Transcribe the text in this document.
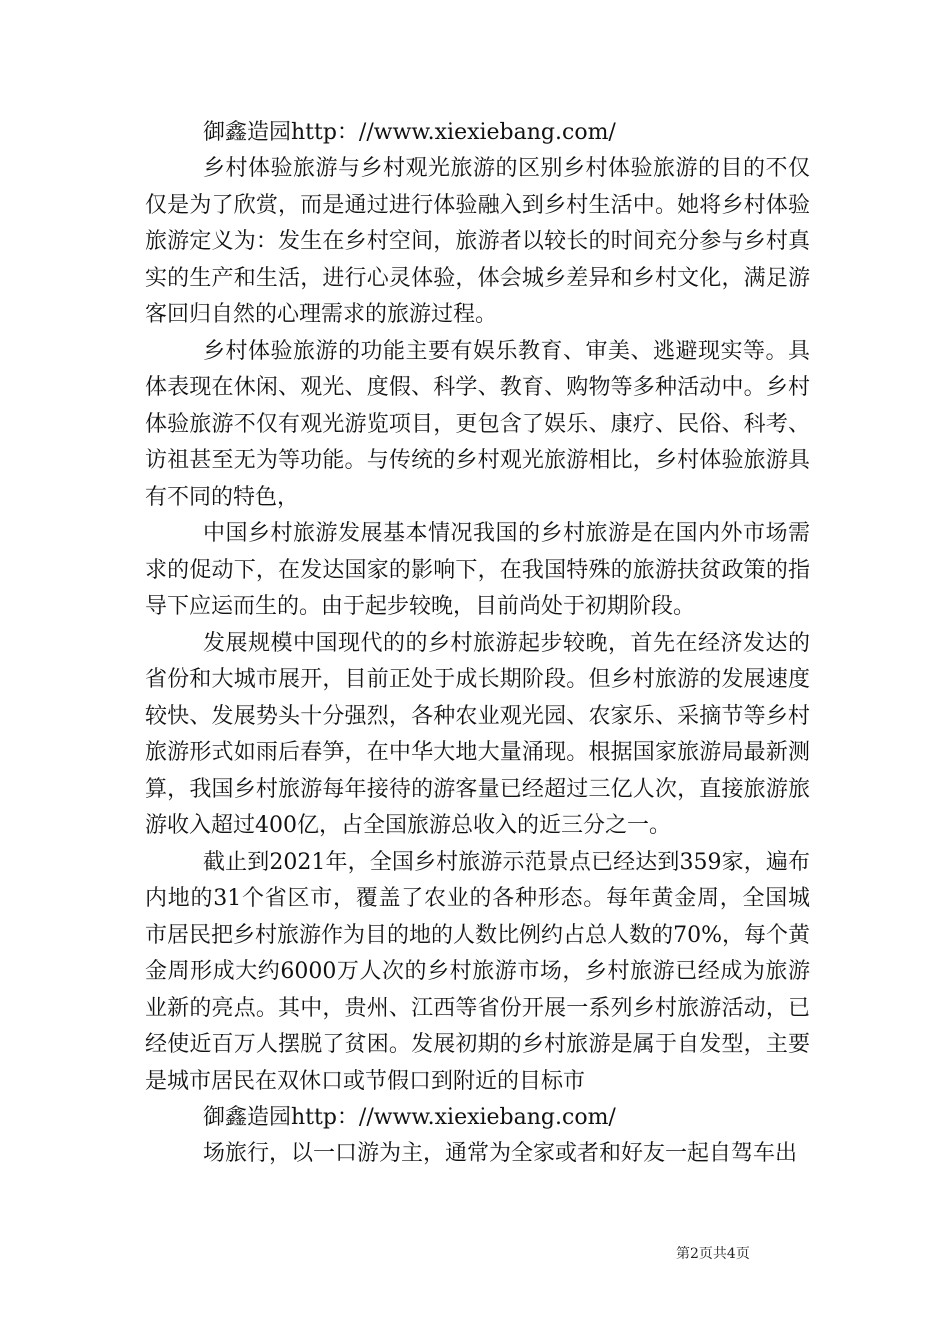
御鑫造园http：//www.xiexiebang.com/

乡村体验旅游与乡村观光旅游的区别乡村体验旅游的目的不仅仅是为了欣赏，而是通过进行体验融入到乡村生活中。她将乡村体验旅游定义为：发生在乡村空间，旅游者以较长的时间充分参与乡村真实的生产和生活，进行心灵体验，体会城乡差异和乡村文化，满足游客回归自然的心理需求的旅游过程。

乡村体验旅游的功能主要有娱乐教育、审美、逃避现实等。具体表现在休闲、观光、度假、科学、教育、购物等多种活动中。乡村体验旅游不仅有观光游览项目，更包含了娱乐、康疗、民俗、科考、访祖甚至无为等功能。与传统的乡村观光旅游相比，乡村体验旅游具有不同的特色，

中国乡村旅游发展基本情况我国的乡村旅游是在国内外市场需求的促动下，在发达国家的影响下，在我国特殊的旅游扶贫政策的指导下应运而生的。由于起步较晚，目前尚处于初期阶段。

发展规模中国现代的的乡村旅游起步较晚，首先在经济发达的省份和大城市展开，目前正处于成长期阶段。但乡村旅游的发展速度较快、发展势头十分强烈，各种农业观光园、农家乐、采摘节等乡村旅游形式如雨后春笋，在中华大地大量涌现。根据国家旅游局最新测算，我国乡村旅游每年接待的游客量已经超过三亿人次，直接旅游旅游收入超过400亿，占全国旅游总收入的近三分之一。

截止到2021年，全国乡村旅游示范景点已经达到359家，遍布内地的31个省区市，覆盖了农业的各种形态。每年黄金周，全国城市居民把乡村旅游作为目的地的人数比例约占总人数的70%，每个黄金周形成大约6000万人次的乡村旅游市场，乡村旅游已经成为旅游业新的亮点。其中，贵州、江西等省份开展一系列乡村旅游活动，已经使近百万人摆脱了贫困。发展初期的乡村旅游是属于自发型，主要是城市居民在双休口或节假口到附近的目标市

御鑫造园http：//www.xiexiebang.com/

场旅行，以一口游为主，通常为全家或者和好友一起自驾车出

第2页共4页
